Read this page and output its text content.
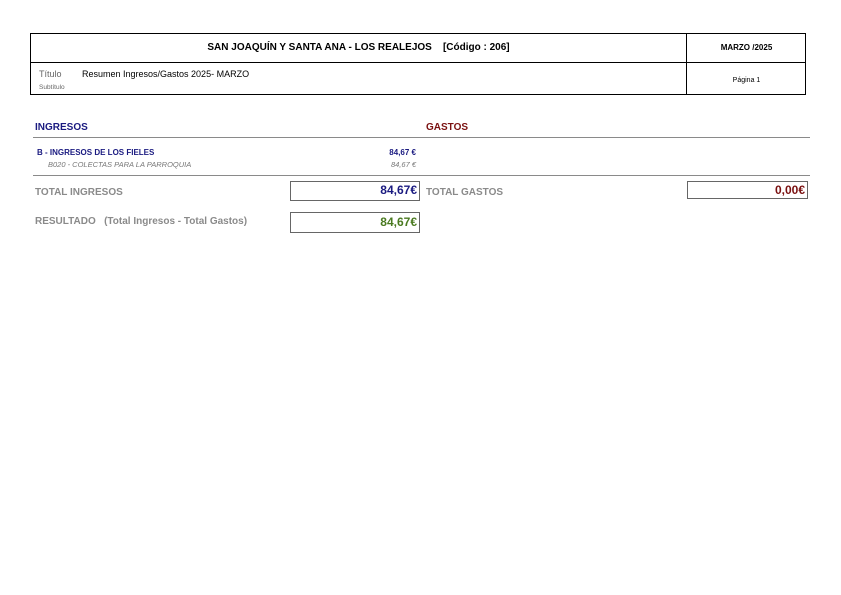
SAN JOAQUÍN Y SANTA ANA - LOS REALEJOS    [Código : 206]	MARZO /2025
Título Resumen Ingresos/Gastos 2025- MARZO
Subtítulo
Página 1
INGRESOS	GASTOS
B - INGRESOS DE LOS FIELES	84,67 €
B020 - COLECTAS PARA LA PARROQUIA	84,67 €
TOTAL INGRESOS	84,67€ TOTAL GASTOS	0,00€
RESULTADO   (Total Ingresos - Total Gastos)	84,67€
